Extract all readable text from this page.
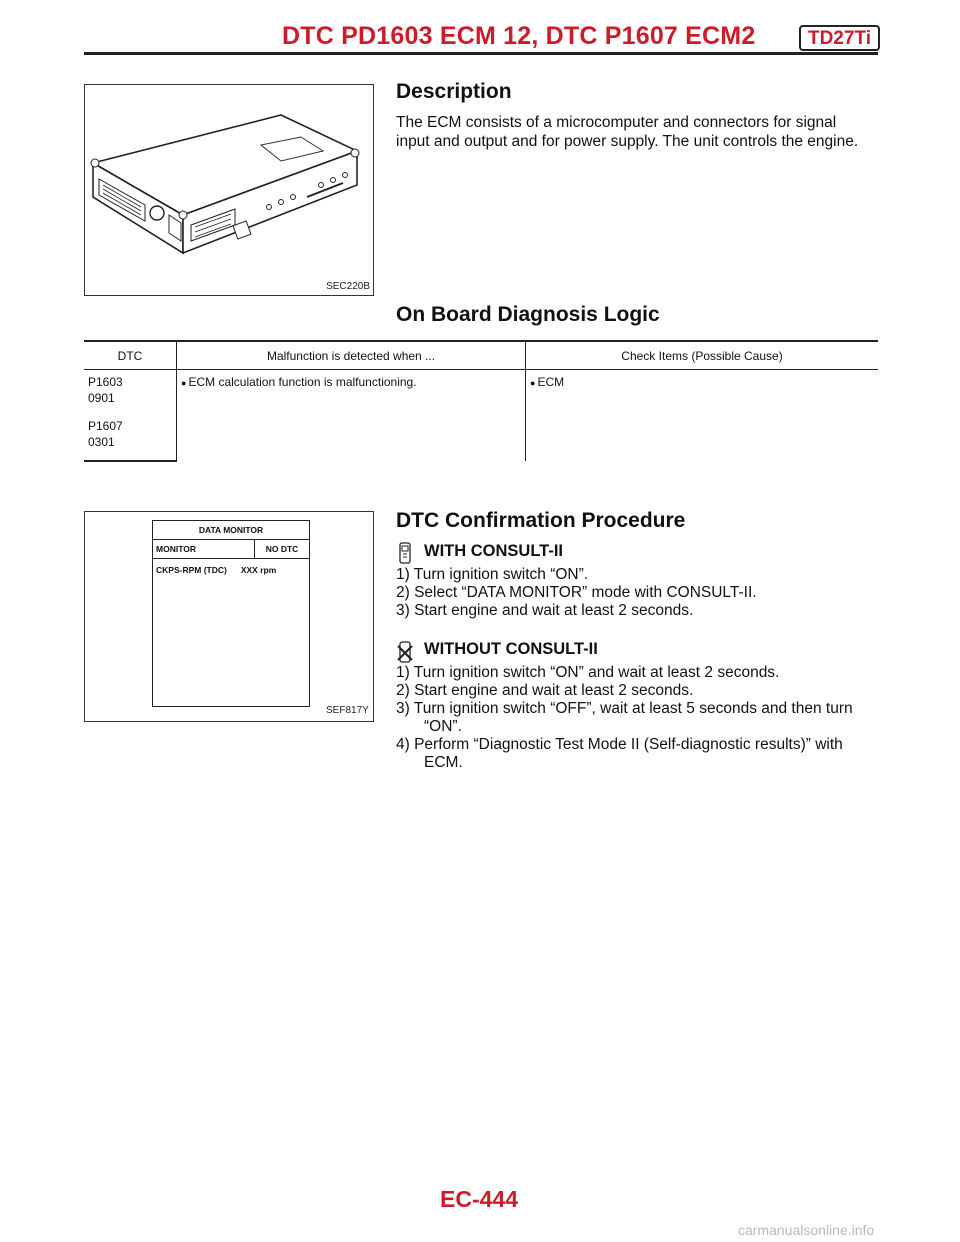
DTC PD1603 ECM 12, DTC P1607 ECM2	TD27Ti
SEC220B
Description
The ECM consists of a microcomputer and connectors for signal
input and output and for power supply. The unit controls the engine.
On Board Diagnosis Logic
DTC	Malfunction is detected when ...	Check Items (Possible Cause)

P1603
0901	● ECM calculation function is malfunctioning.	● ECM

P1607
0301		
DATA MONITOR
MONITOR	NO DTC
CKPS-RPM (TDC) XXX rpm
SEF817Y
DTC Confirmation Procedure
WITH CONSULT-II
1) Turn ignition switch “ON”.
2) Select “DATA MONITOR” mode with CONSULT-II.
3) Start engine and wait at least 2 seconds.
WITHOUT CONSULT-II
1) Turn ignition switch “ON” and wait at least 2 seconds.
2) Start engine and wait at least 2 seconds.
3) Turn ignition switch “OFF”, wait at least 5 seconds and then turn
“ON”.
4) Perform “Diagnostic Test Mode II (Self-diagnostic results)” with
ECM.
EC-444
carmanualsonline.info
